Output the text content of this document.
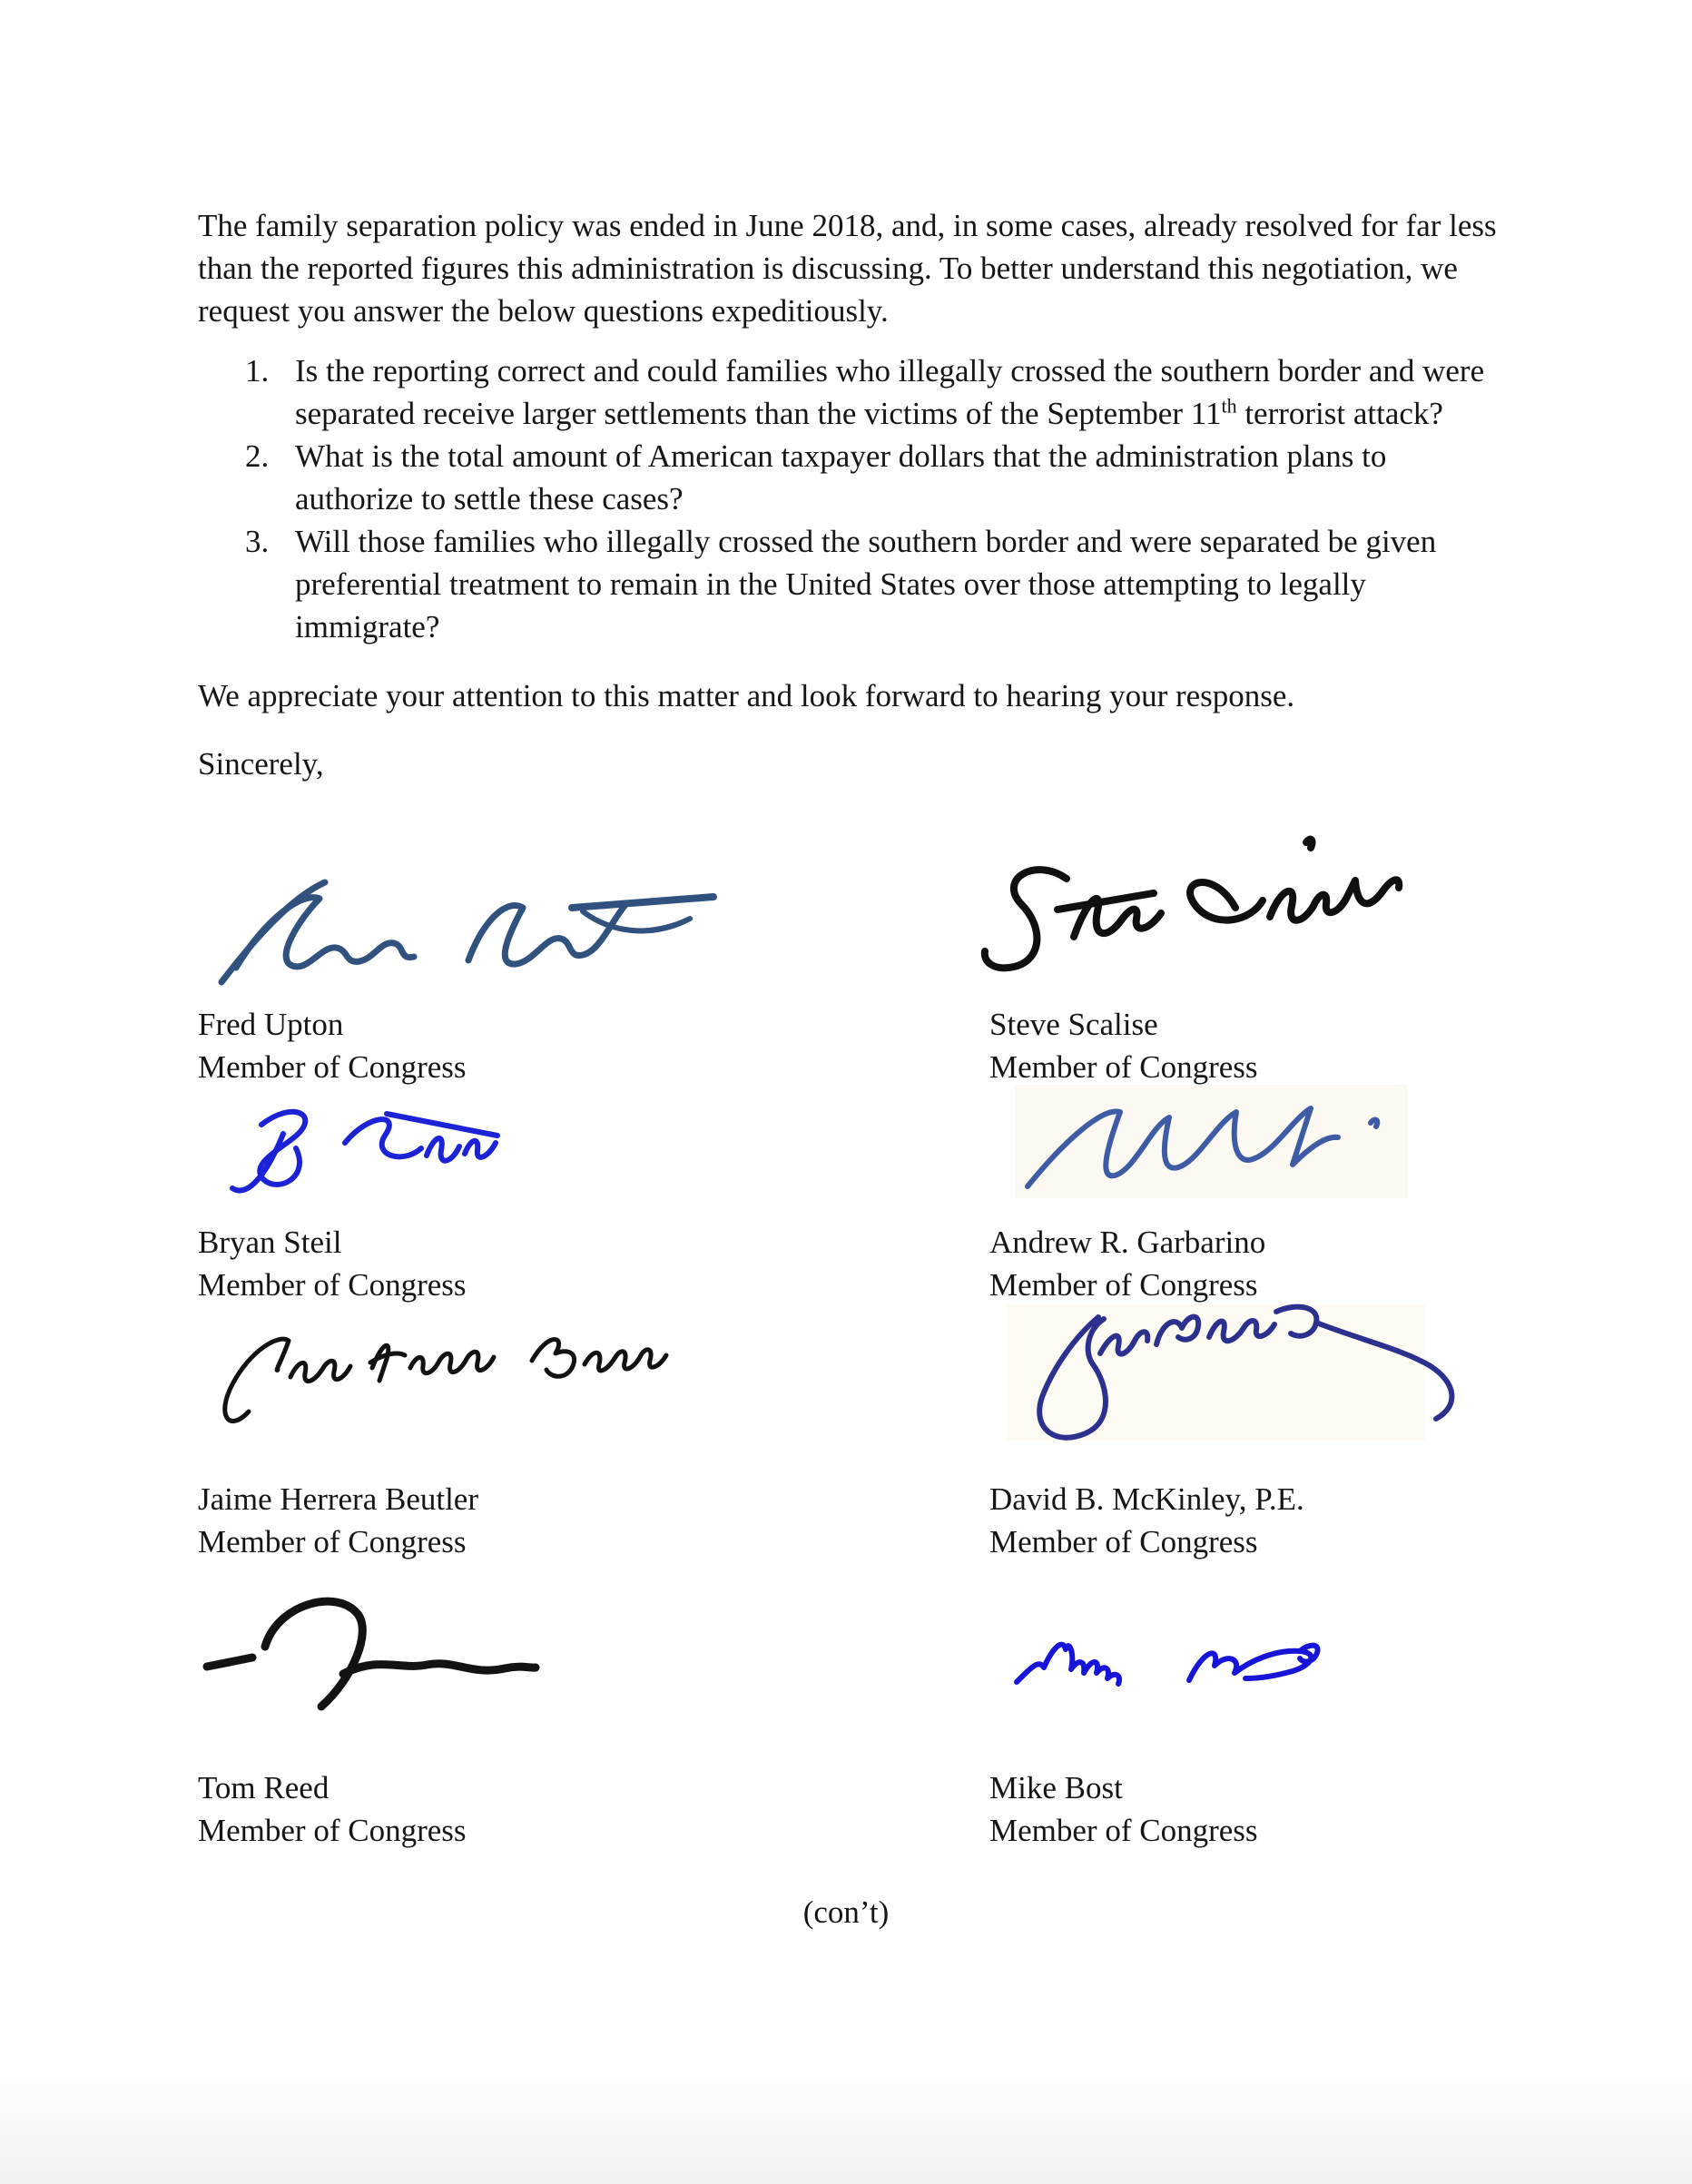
The family separation policy was ended in June 2018, and, in some cases, already resolved for far less than the reported figures this administration is discussing. To better understand this negotiation, we request you answer the below questions expeditiously.

1. Is the reporting correct and could families who illegally crossed the southern border and were separated receive larger settlements than the victims of the September 11th terrorist attack?
2. What is the total amount of American taxpayer dollars that the administration plans to authorize to settle these cases?
3. Will those families who illegally crossed the southern border and were separated be given preferential treatment to remain in the United States over those attempting to legally immigrate?

We appreciate your attention to this matter and look forward to hearing your response.

Sincerely,

Fred Upton
Member of Congress
Steve Scalise
Member of Congress
Bryan Steil
Member of Congress
Andrew R. Garbarino
Member of Congress
Jaime Herrera Beutler
Member of Congress
David B. McKinley, P.E.
Member of Congress
Tom Reed
Member of Congress
Mike Bost
Member of Congress
(con’t)
